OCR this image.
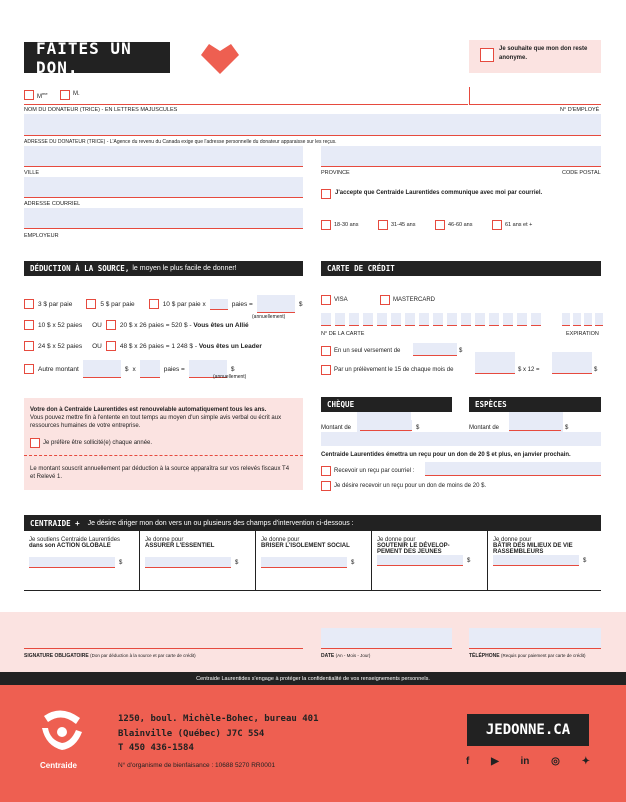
FAITES UN DON.
Je souhaite que mon don reste anonyme.
$M^{me}$	M.
NOM DU DONATEUR (TRICE) - EN LETTRES MAJUSCULES	N° D'EMPLOYÉ
ADRESSE DU DONATEUR (TRICE) - L'Agence du revenu du Canada exige que l'adresse personnelle du donateur apparaisse sur les reçus.
VILLE	PROVINCE	CODE POSTAL
ADRESSE COURRIEL
EMPLOYEUR
J'accepte que Centraide Laurentides communique avec moi par courriel.
18-30 ans	31-45 ans	46-60 ans	61 ans et +
DÉDUCTION À LA SOURCE, le moyen le plus facile de donner!
3 $ par paie	5 $ par paie	10 $ par paie x	paies =	$
(annuellement)
10 $ x 52 paies OU	20 $ x 26 paies = 520 $ - Vous êtes un Allié
24 $ x 52 paies OU	48 $ x 26 paies = 1 248 $ - Vous êtes un Leader
Autre montant	$ x	paies =	$
(annuellement)
Votre don à Centraide Laurentides est renouvelable automatiquement tous les ans.
Vous pouvez mettre fin à l'entente en tout temps au moyen d'un simple avis verbal ou écrit aux ressources humaines de votre entreprise.
Je préfère être sollicité(e) chaque année.
Le montant souscrit annuellement par déduction à la source apparaîtra sur vos relevés fiscaux T4 et Relevé 1.
CARTE DE CRÉDIT
VISA	MASTERCARD
N° DE LA CARTE	EXPIRATION
En un seul versement de	$
Par un prélèvement le 15 de chaque mois de	$ x 12 =	$
CHÈQUE	ESPÈCES
Montant de	$	Montant de	$
Centraide Laurentides émettra un reçu pour un don de 20 $ et plus, en janvier prochain.
Recevoir un reçu par courriel :
Je désire recevoir un reçu pour un don de moins de 20 $.
CENTRAIDE + Je désire diriger mon don vers un ou plusieurs des champs d'intervention ci-dessous :
Je soutiens Centraide Laurentides
dans son ACTION GLOBALE
$
Je donne pour
ASSURER L'ESSENTIEL
$
Je donne pour
BRISER L'ISOLEMENT SOCIAL
$
Je donne pour
SOUTENIR LE DÉVELOP-PEMENT DES JEUNES
$
Je donne pour
BÂTIR DES MILIEUX DE VIE RASSEMBLEURS
$
SIGNATURE OBLIGATOIRE (Don par déduction à la source et par carte de crédit)	DATE (An - Mois - Jour)	TÉLÉPHONE (Requis pour paiement par carte de crédit)
Centraide Laurentides s'engage à protéger la confidentialité de vos renseignements personnels.
Centraide
1250, boul. Michèle-Bohec, bureau 401
Blainville (Québec) J7C 5S4
T 450 436-1584
N° d'organisme de bienfaisance : 10688 5270 RR0001
JEDONNE.CA
f ▶ in ◎ ✦
